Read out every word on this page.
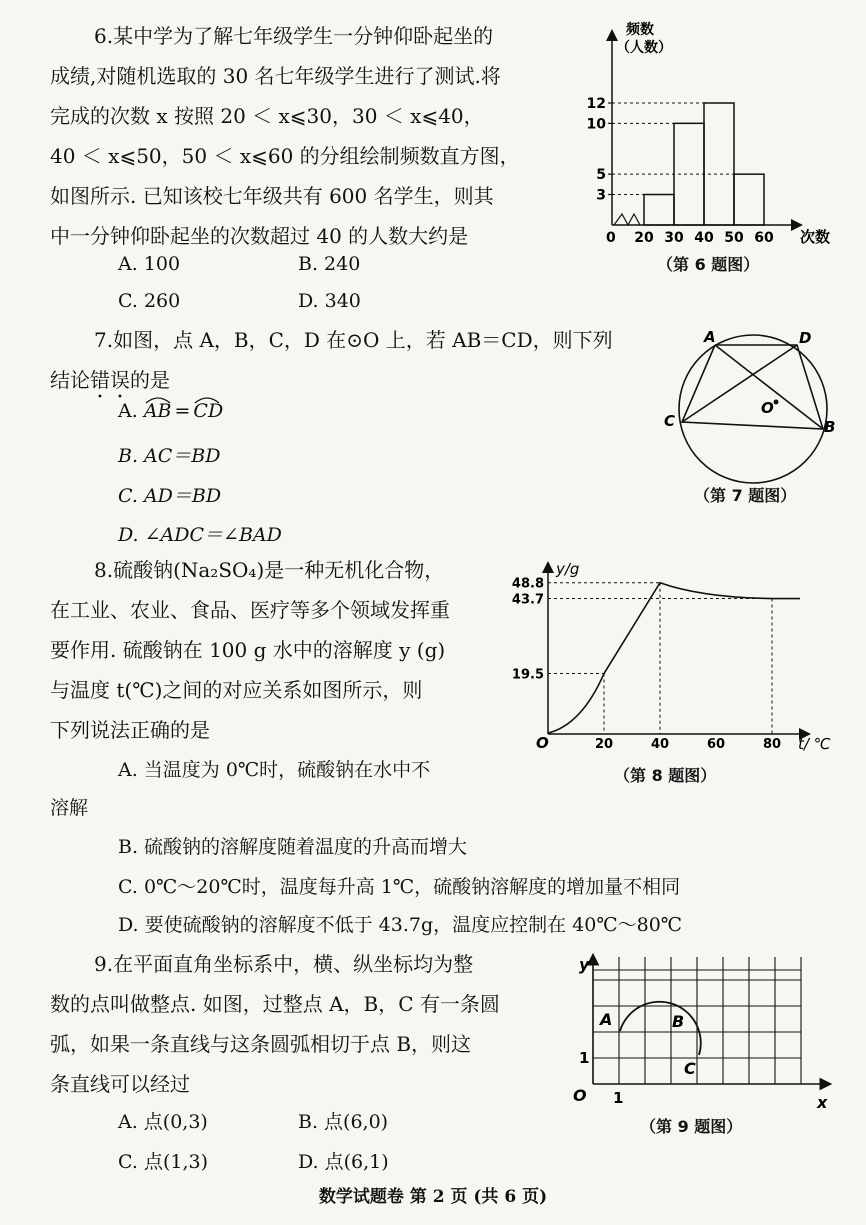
6.某中学为了解七年级学生一分钟仰卧起坐的
成绩,对随机选取的 30 名七年级学生进行了测试.将
完成的次数 x 按照 20 ＜ x⩽30，30 ＜ x⩽40，
40 ＜ x⩽50，50 ＜ x⩽60 的分组绘制频数直方图，
如图所示. 已知该校七年级共有 600 名学生，则其
中一分钟仰卧起坐的次数超过 40 的人数大约是
A. 100	B. 240
C. 260	D. 340
3
5
10
12
20 30 40 50 60
频数
（人数）
次数
0
（第 6 题图）
7.如图，点 A，B，C，D 在⊙O 上，若 AB＝CD，则下列
结论错误的是
A. AB = CD
B. AC＝BD
C. AD＝BD
D. ∠ADC＝∠BAD
A	D
C	B
O
（第 7 题图）
8.硫酸钠(Na₂SO₄)是一种无机化合物，
在工业、农业、食品、医疗等多个领域发挥重
要作用. 硫酸钠在 100 g 水中的溶解度 y (g)
与温度 t(℃)之间的对应关系如图所示，则
下列说法正确的是
A. 当温度为 0℃时，硫酸钠在水中不
溶解
B. 硫酸钠的溶解度随着温度的升高而增大
C. 0℃～20℃时，温度每升高 1℃，硫酸钠溶解度的增加量不相同
D. 要使硫酸钠的溶解度不低于 43.7g，温度应控制在 40℃～80℃
19.5
43.7
48.8
20	40	60	80
y/g
t/ ℃
O
（第 8 题图）
9.在平面直角坐标系中，横、纵坐标均为整
数的点叫做整点. 如图，过整点 A，B，C 有一条圆
弧，如果一条直线与这条圆弧相切于点 B，则这
条直线可以经过
A. 点(0,3)	B. 点(6,0)
C. 点(1,3)	D. 点(6,1)
y
x
O 1
1
A	B
C
（第 9 题图）
数学试题卷 第 2 页 (共 6 页)
